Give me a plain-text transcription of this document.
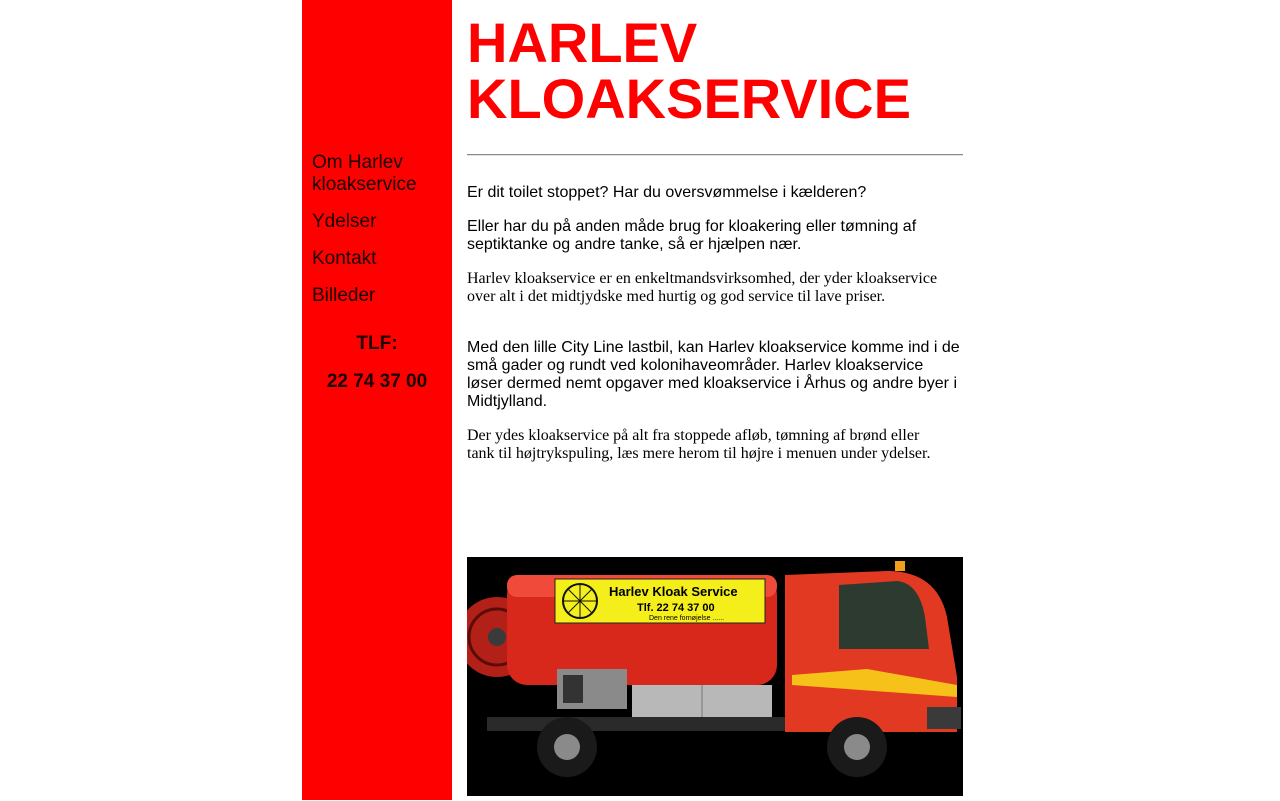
Om Harlev kloakservice
Ydelser
Kontakt
Billeder
TLF:
22 74 37 00
HARLEV
KLOAKSERVICE

Er dit toilet stoppet? Har du oversvømmelse i kælderen?

Eller har du på anden måde brug for kloakering eller tømning af septiktanke og andre tanke, så er hjælpen nær.

Harlev kloakservice er en enkeltmandsvirksomhed, der yder kloakservice over alt i det midtjydske med hurtig og god service til lave priser.

Med den lille City Line lastbil, kan Harlev kloakservice komme ind i de små gader og rundt ved kolonihaveområder. Harlev kloakservice løser dermed nemt opgaver med kloakservice i Århus og andre byer i Midtjylland.

Der ydes kloakservice på alt fra stoppede afløb, tømning af brønd eller tank til højtrykspuling, læs mere herom til højre i menuen under ydelser.

Harlev Kloak Service
Tlf. 22 74 37 00
Den rene fornøjelse ......
